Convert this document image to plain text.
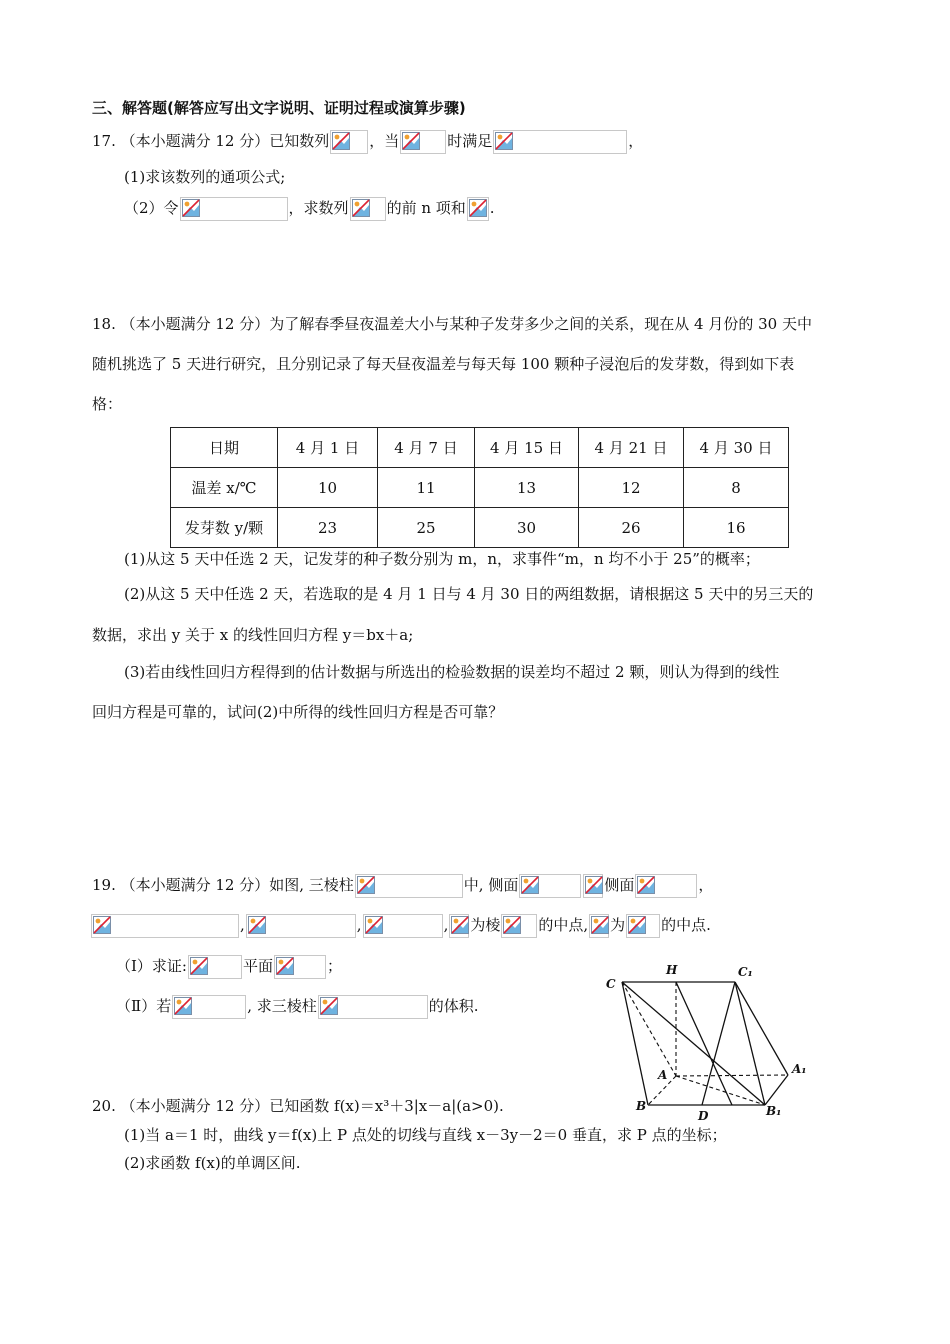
三、解答题(解答应写出文字说明、证明过程或演算步骤)
17. （本小题满分 12 分）已知数列	，当	时满足	，
(1)求该数列的通项公式;
（2）令	，求数列	的前 n 项和 .
18. （本小题满分 12 分）为了解春季昼夜温差大小与某种子发芽多少之间的关系，现在从 4 月份的 30 天中
随机挑选了 5 天进行研究，且分别记录了每天昼夜温差与每天每 100 颗种子浸泡后的发芽数，得到如下表
格：
日期	4 月 1 日	4 月 7 日	4 月 15 日	4 月 21 日	4 月 30 日
温差 x/℃	10	11	13	12	8
发芽数 y/颗	23	25	30	26	16
(1)从这 5 天中任选 2 天，记发芽的种子数分别为 m，n，求事件“m，n 均不小于 25”的概率；
(2)从这 5 天中任选 2 天，若选取的是 4 月 1 日与 4 月 30 日的两组数据，请根据这 5 天中的另三天的
数据，求出 y 关于 x 的线性回归方程 y＝bx＋a;
(3)若由线性回归方程得到的估计数据与所选出的检验数据的误差均不超过 2 颗，则认为得到的线性
回归方程是可靠的，试问(2)中所得的线性回归方程是否可靠？
19. （本小题满分 12 分）如图, 三棱柱	中, 侧面	侧面	，
,	,	, 为棱	的中点, 为 的中点.
（Ⅰ）求证:	平面	；
（Ⅱ）若	, 求三棱柱	的体积.
C
H	C₁
A	A₁
B
D	B₁
20. （本小题满分 12 分）已知函数 f(x)＝x³＋3|x－a|(a>0).
(1)当 a＝1 时，曲线 y＝f(x)上 P 点处的切线与直线 x－3y－2＝0 垂直，求 P 点的坐标；
(2)求函数 f(x)的单调区间.
